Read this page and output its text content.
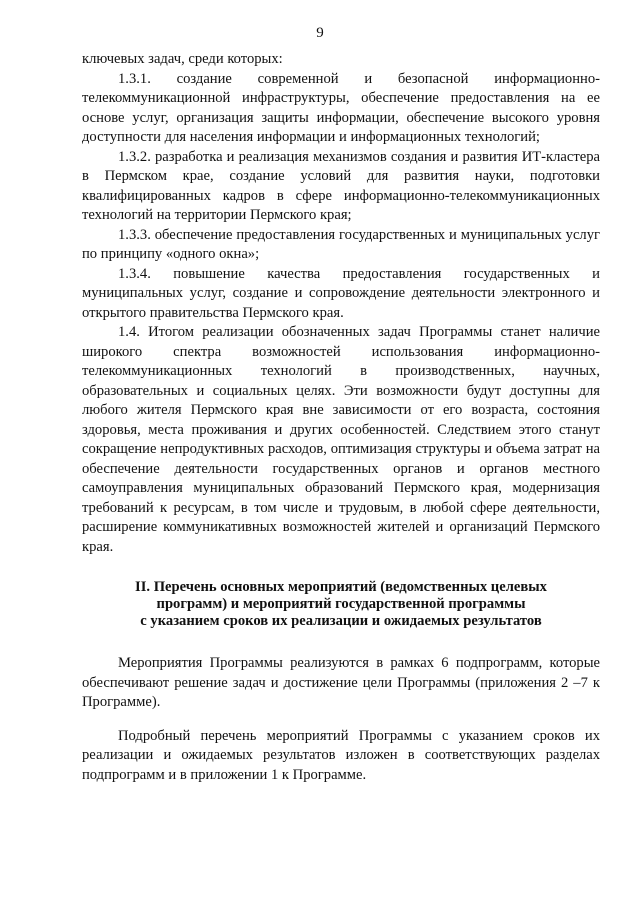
9

ключевых задач, среди которых:

1.3.1. создание современной и безопасной информационно-телекоммуникационной инфраструктуры, обеспечение предоставления на ее основе услуг, организация защиты информации, обеспечение высокого уровня доступности для населения информации и информационных технологий;

1.3.2. разработка и реализация механизмов создания и развития ИТ-кластера в Пермском крае, создание условий для развития науки, подготовки квалифицированных кадров в сфере информационно-телекоммуникационных технологий на территории Пермского края;

1.3.3. обеспечение предоставления государственных и муниципальных услуг по принципу «одного окна»;

1.3.4. повышение качества предоставления государственных и муниципальных услуг, создание и сопровождение деятельности электронного и открытого правительства Пермского края.

1.4. Итогом реализации обозначенных задач Программы станет наличие широкого спектра возможностей использования информационно-телекоммуникационных технологий в производственных, научных, образовательных и социальных целях. Эти возможности будут доступны для любого жителя Пермского края вне зависимости от его возраста, состояния здоровья, места проживания и других особенностей. Следствием этого станут сокращение непродуктивных расходов, оптимизация структуры и объема затрат на обеспечение деятельности государственных органов и органов местного самоуправления муниципальных образований Пермского края, модернизация требований к ресурсам, в том числе и трудовым, в любой сфере деятельности, расширение коммуникативных возможностей жителей и организаций Пермского края.

II. Перечень основных мероприятий (ведомственных целевых
программ) и мероприятий государственной программы
с указанием сроков их реализации и ожидаемых результатов

Мероприятия Программы реализуются в рамках 6 подпрограмм, которые обеспечивают решение задач и достижение цели Программы (приложения 2 –7 к Программе).

Подробный перечень мероприятий Программы с указанием сроков их реализации и ожидаемых результатов изложен в соответствующих разделах подпрограмм и в приложении 1 к Программе.
